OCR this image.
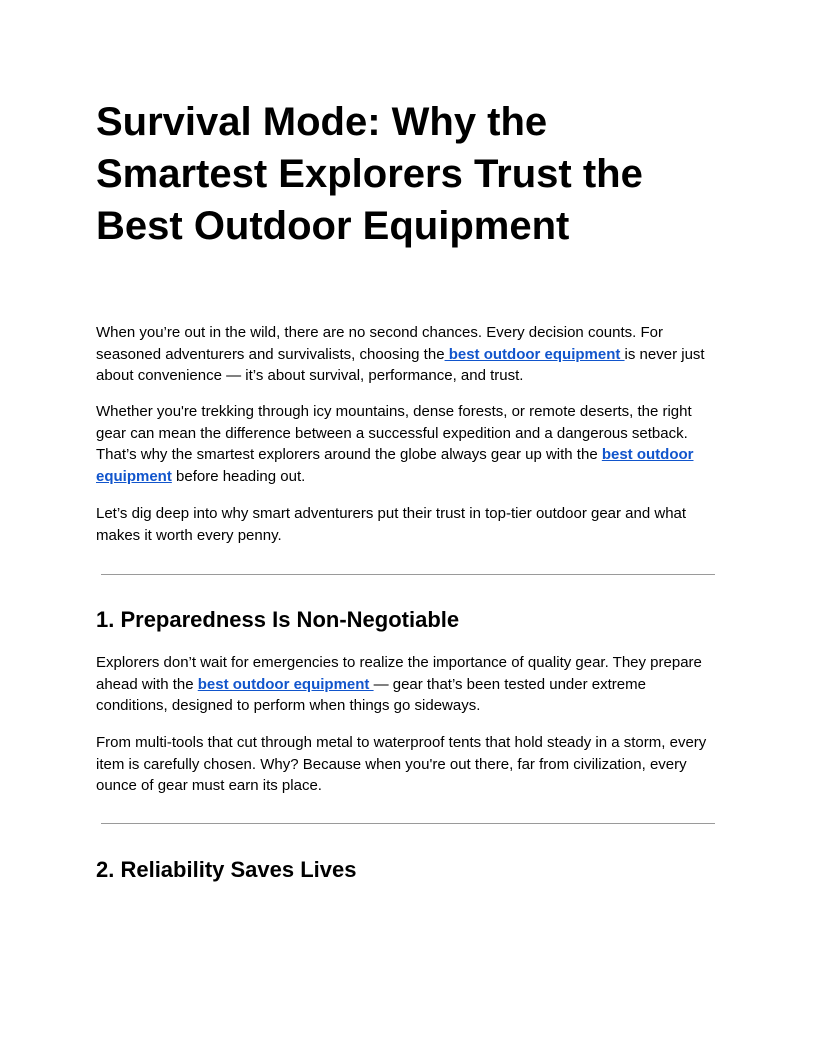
Survival Mode: Why the Smartest Explorers Trust the Best Outdoor Equipment

When you’re out in the wild, there are no second chances. Every decision counts. For seasoned adventurers and survivalists, choosing the best outdoor equipment is never just about convenience — it’s about survival, performance, and trust.

Whether you're trekking through icy mountains, dense forests, or remote deserts, the right gear can mean the difference between a successful expedition and a dangerous setback. That’s why the smartest explorers around the globe always gear up with the best outdoor equipment before heading out.

Let’s dig deep into why smart adventurers put their trust in top-tier outdoor gear and what makes it worth every penny.

1. Preparedness Is Non-Negotiable

Explorers don’t wait for emergencies to realize the importance of quality gear. They prepare ahead with the best outdoor equipment — gear that’s been tested under extreme conditions, designed to perform when things go sideways.

From multi-tools that cut through metal to waterproof tents that hold steady in a storm, every item is carefully chosen. Why? Because when you're out there, far from civilization, every ounce of gear must earn its place.

2. Reliability Saves Lives
